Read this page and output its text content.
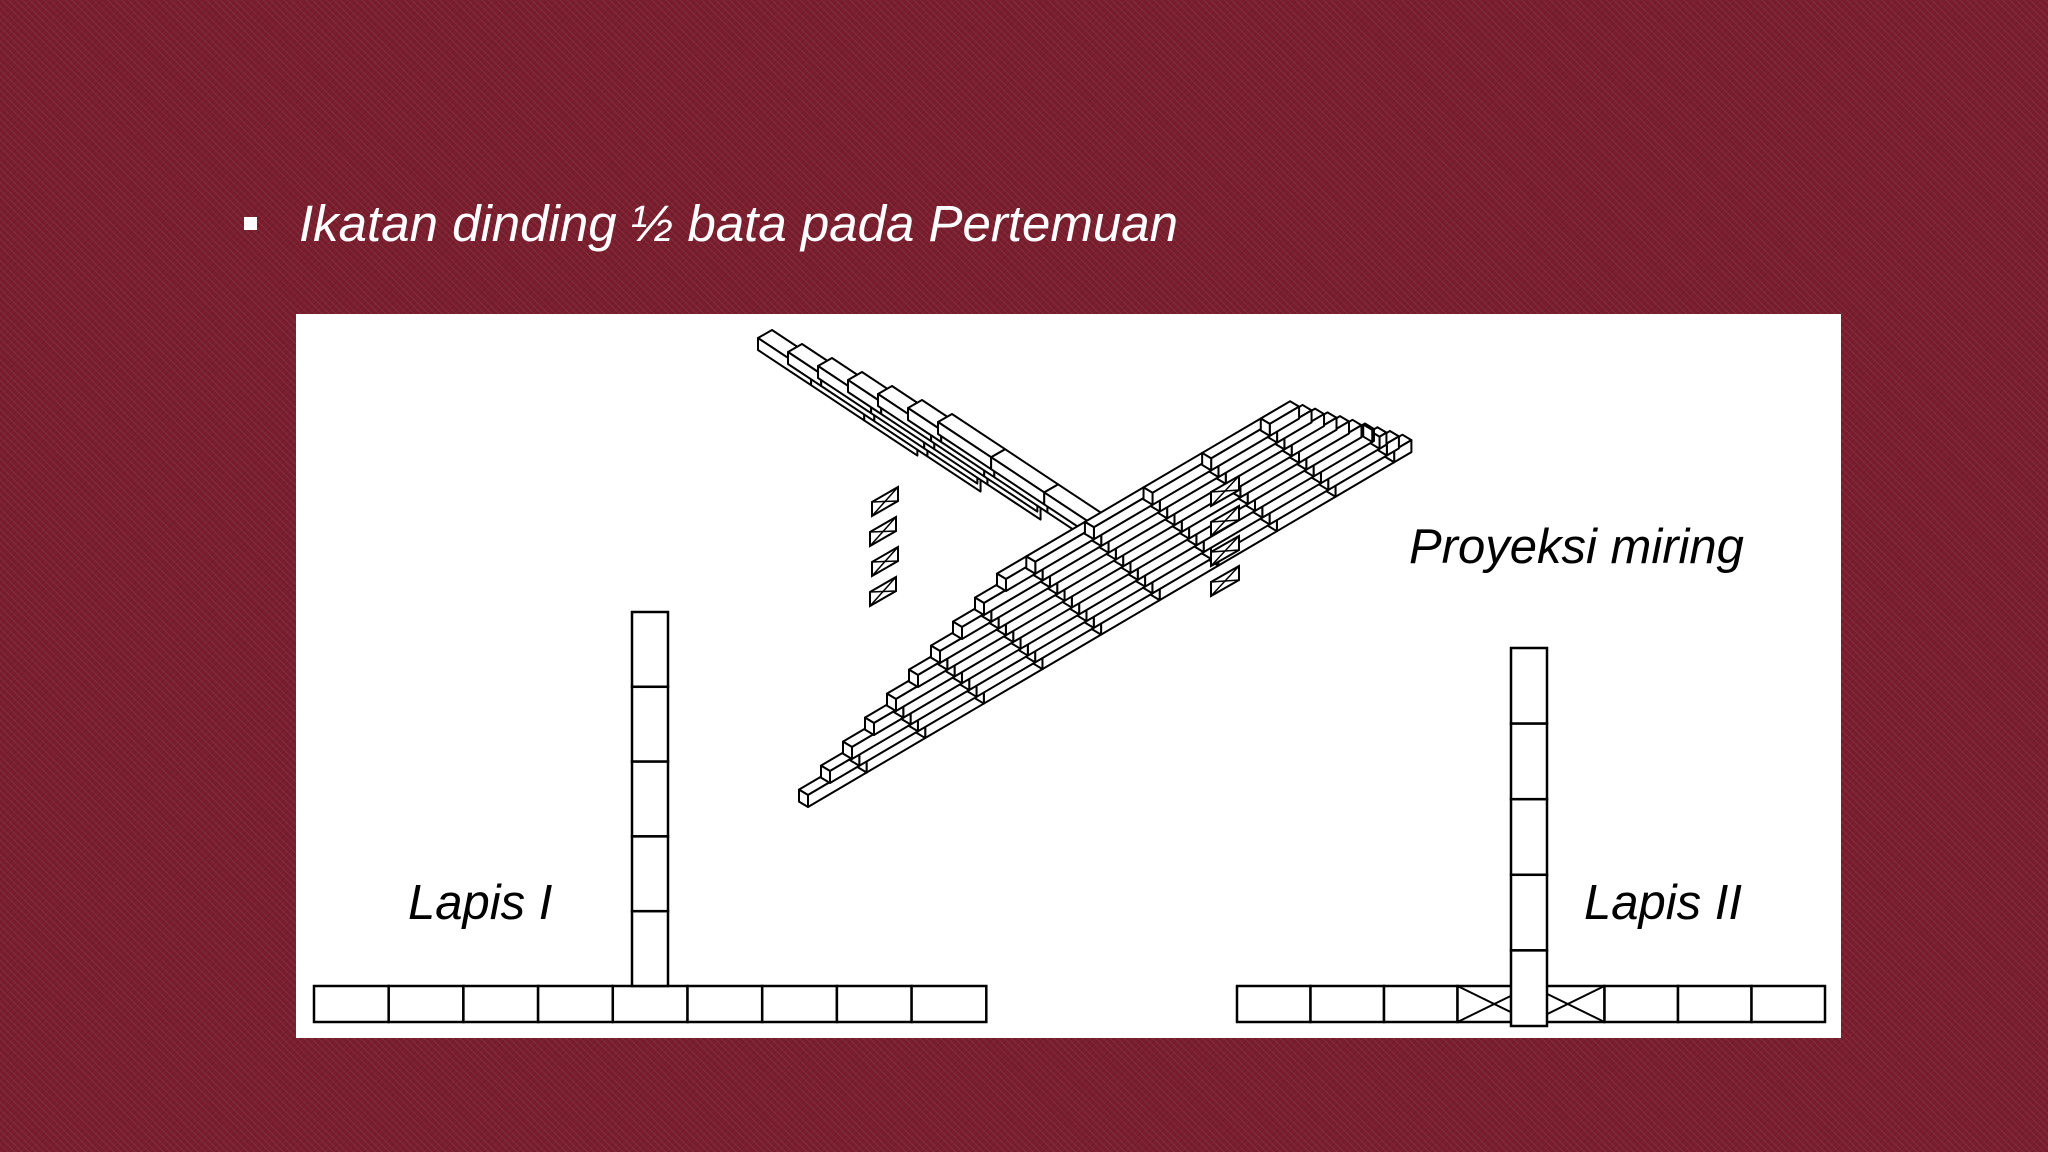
Ikatan dinding ½ bata pada Pertemuan
Proyeksi miring
Lapis I	Lapis II
